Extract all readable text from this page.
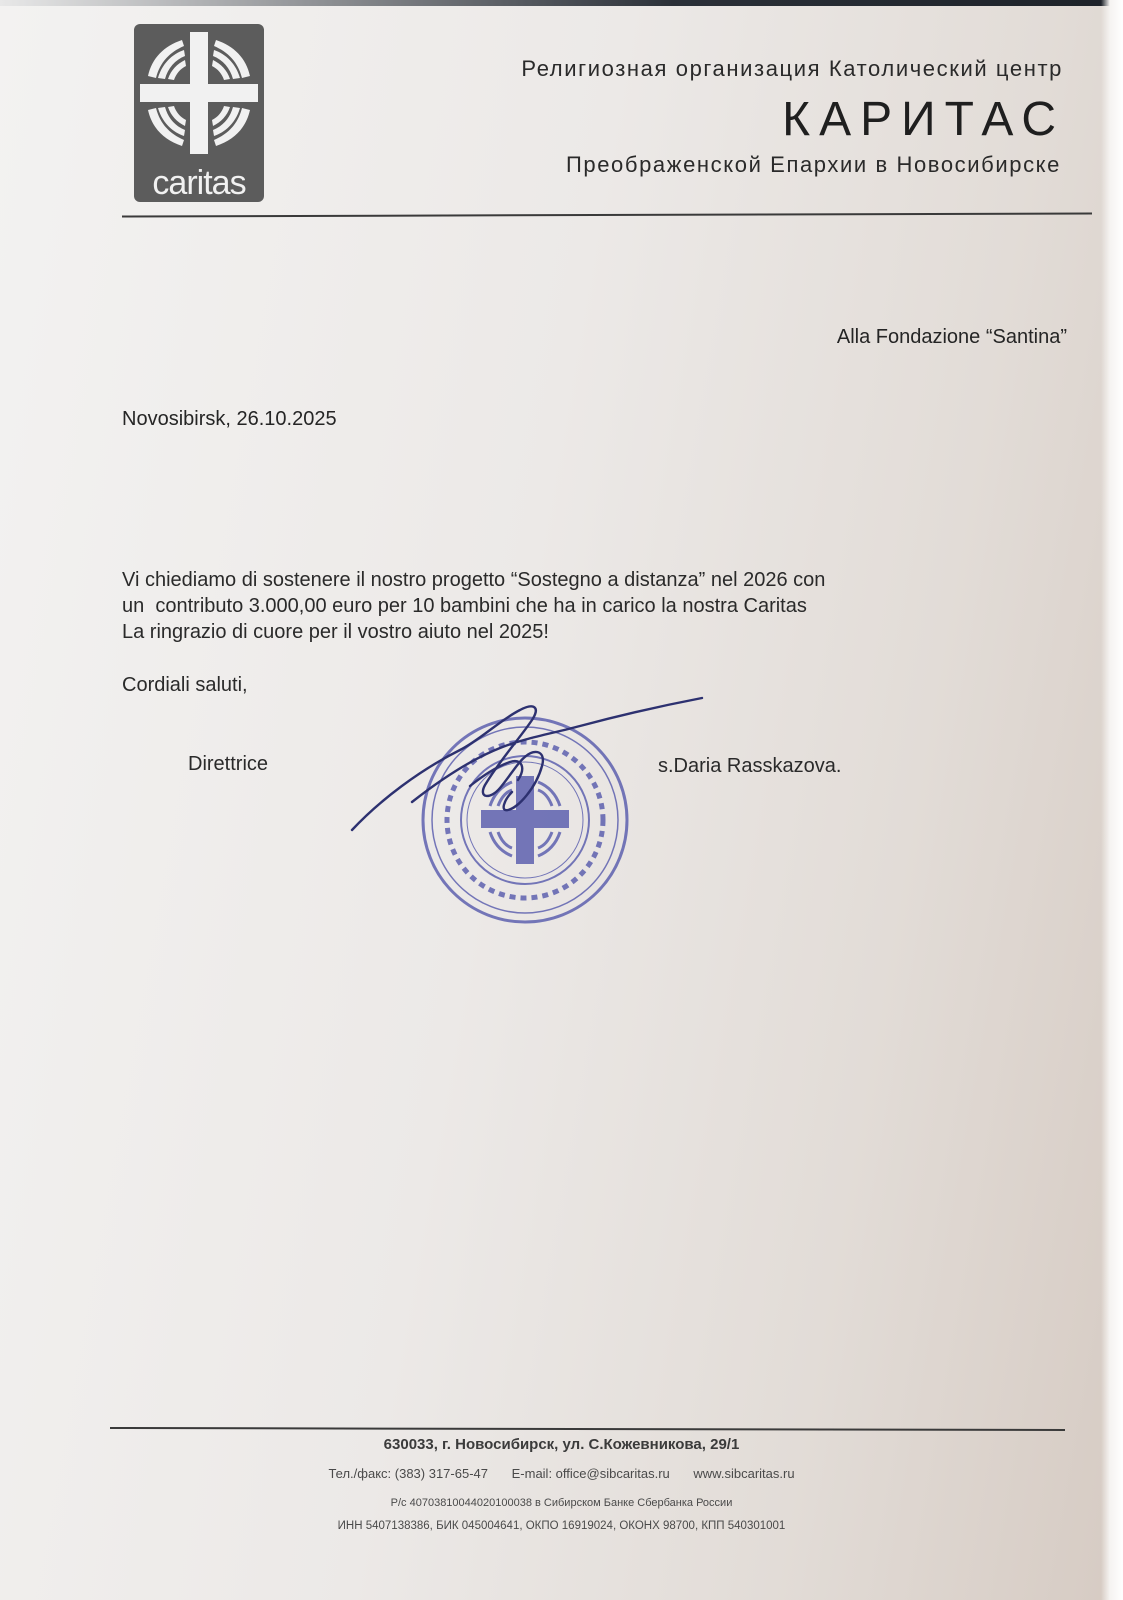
caritas
Религиозная организация Католический центр
КАРИТАС
Преображенской Епархии в Новосибирске
Alla Fondazione “Santina”
Novosibirsk, 26.10.2025

Vi chiediamo di sostenere il nostro progetto “Sostegno a distanza” nel 2026 con

un  contributo 3.000,00 euro per 10 bambini che ha in carico la nostra Caritas

La ringrazio di cuore per il vostro aiuto nel 2025!

Cordiali saluti,
Direttrice	s.Daria Rasskazova.
630033, г. Новосибирск, ул. С.Кожевникова, 29/1
Тел./факс: (383) 317-65-47 E-mail: office@sibcaritas.ru www.sibcaritas.ru
Р/с 40703810044020100038 в Сибирском Банке Сбербанка России
ИНН 5407138386, БИК 045004641, ОКПО 16919024, ОКОНХ 98700, КПП 540301001
